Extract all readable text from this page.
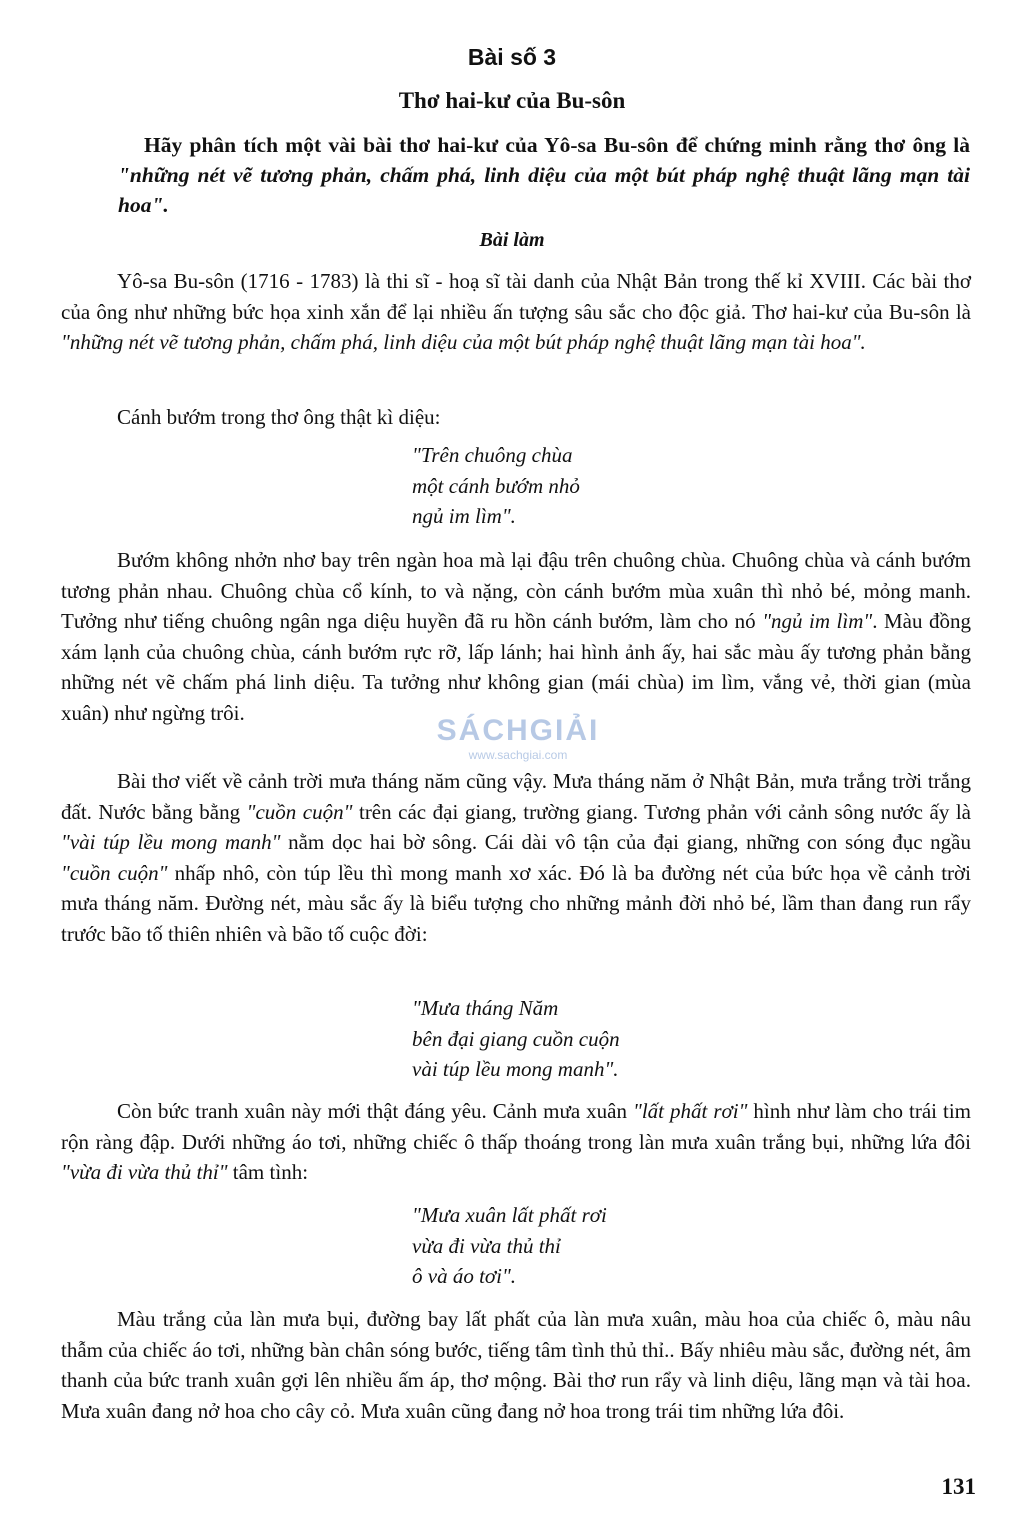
Bài số 3
Thơ hai-kư của Bu-sôn
Hãy phân tích một vài bài thơ hai-kư của Yô-sa Bu-sôn để chứng minh rằng thơ ông là "những nét vẽ tương phản, chấm phá, linh diệu của một bút pháp nghệ thuật lãng mạn tài hoa".
Bài làm

Yô-sa Bu-sôn (1716 - 1783) là thi sĩ - hoạ sĩ tài danh của Nhật Bản trong thế kỉ XVIII. Các bài thơ của ông như những bức họa xinh xắn để lại nhiều ấn tượng sâu sắc cho độc giả. Thơ hai-kư của Bu-sôn là "những nét vẽ tương phản, chấm phá, linh diệu của một bút pháp nghệ thuật lãng mạn tài hoa".

Cánh bướm trong thơ ông thật kì diệu:

"Trên chuông chùa
một cánh bướm nhỏ
ngủ im lìm".

Bướm không nhởn nhơ bay trên ngàn hoa mà lại đậu trên chuông chùa. Chuông chùa và cánh bướm tương phản nhau. Chuông chùa cổ kính, to và nặng, còn cánh bướm mùa xuân thì nhỏ bé, mỏng manh. Tưởng như tiếng chuông ngân nga diệu huyền đã ru hồn cánh bướm, làm cho nó "ngủ im lìm". Màu đồng xám lạnh của chuông chùa, cánh bướm rực rỡ, lấp lánh; hai hình ảnh ấy, hai sắc màu ấy tương phản bằng những nét vẽ chấm phá linh diệu. Ta tưởng như không gian (mái chùa) im lìm, vắng vẻ, thời gian (mùa xuân) như ngừng trôi.

SÁCHGIẢI
www.sachgiai.com

Bài thơ viết về cảnh trời mưa tháng năm cũng vậy. Mưa tháng năm ở Nhật Bản, mưa trắng trời trắng đất. Nước bằng bằng "cuồn cuộn" trên các đại giang, trường giang. Tương phản với cảnh sông nước ấy là "vài túp lều mong manh" nằm dọc hai bờ sông. Cái dài vô tận của đại giang, những con sóng đục ngầu "cuồn cuộn" nhấp nhô, còn túp lều thì mong manh xơ xác. Đó là ba đường nét của bức họa về cảnh trời mưa tháng năm. Đường nét, màu sắc ấy là biểu tượng cho những mảnh đời nhỏ bé, lầm than đang run rẩy trước bão tố thiên nhiên và bão tố cuộc đời:

"Mưa tháng Năm
bên đại giang cuồn cuộn
vài túp lều mong manh".

Còn bức tranh xuân này mới thật đáng yêu. Cảnh mưa xuân "lất phất rơi" hình như làm cho trái tim rộn ràng đập. Dưới những áo tơi, những chiếc ô thấp thoáng trong làn mưa xuân trắng bụi, những lứa đôi "vừa đi vừa thủ thỉ" tâm tình:

"Mưa xuân lất phất rơi
vừa đi vừa thủ thỉ
ô và áo tơi".

Màu trắng của làn mưa bụi, đường bay lất phất của làn mưa xuân, màu hoa của chiếc ô, màu nâu thẫm của chiếc áo tơi, những bàn chân sóng bước, tiếng tâm tình thủ thỉ.. Bấy nhiêu màu sắc, đường nét, âm thanh của bức tranh xuân gợi lên nhiều ấm áp, thơ mộng. Bài thơ run rẩy và linh diệu, lãng mạn và tài hoa. Mưa xuân đang nở hoa cho cây cỏ. Mưa xuân cũng đang nở hoa trong trái tim những lứa đôi.

131
